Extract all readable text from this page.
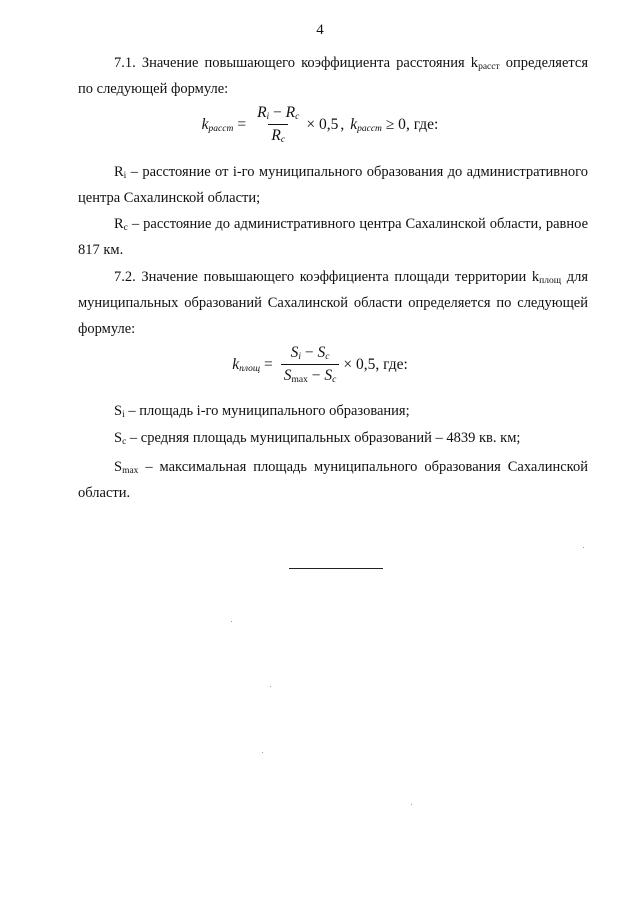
4
7.1. Значение повышающего коэффициента расстояния $k_{расст}$ определяется по следующей формуле:
$k_{расст} = \frac{R_i - R_c}{R_c} \times 0,5$ , $k_{расст} \ge 0$ , где:
$R_i$ – расстояние от i-го муниципального образования до административного центра Сахалинской области;
$R_c$ – расстояние до административного центра Сахалинской области, равное 817 км.
7.2. Значение повышающего коэффициента площади территории $k_{площ}$ для муниципальных образований Сахалинской области определяется по следующей формуле:
$k_{площ} = \frac{S_i - S_c}{S_{max} - S_c} \times 0,5$ , где:
$S_i$ – площадь i-го муниципального образования;
$S_c$ – средняя площадь муниципальных образований – 4839 кв. км;
$S_{max}$ – максимальная площадь муниципального образования Сахалинской области.
